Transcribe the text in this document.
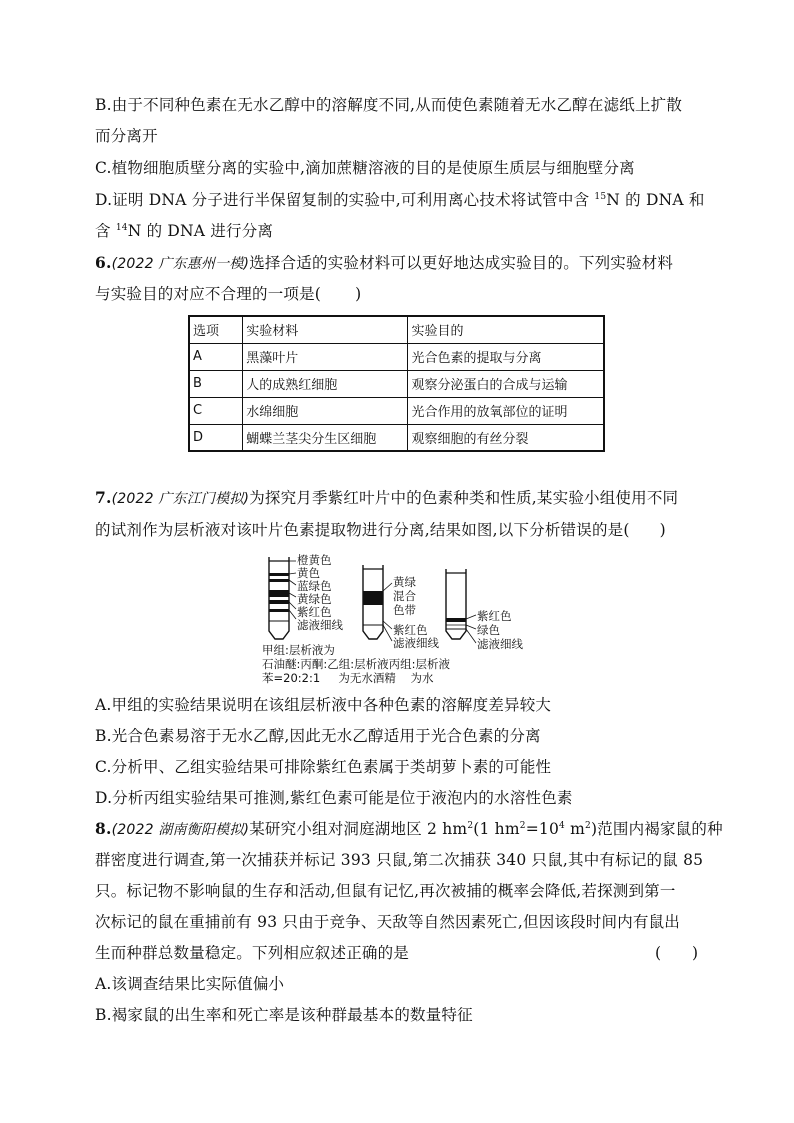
B.由于不同种色素在无水乙醇中的溶解度不同,从而使色素随着无水乙醇在滤纸上扩散
而分离开
C.植物细胞质壁分离的实验中,滴加蔗糖溶液的目的是使原生质层与细胞壁分离
D.证明 DNA 分子进行半保留复制的实验中,可利用离心技术将试管中含 $^{15}$N 的 DNA 和
含 $^{14}$N 的 DNA 进行分离
6.(2022 广东惠州一模)选择合适的实验材料可以更好地达成实验目的。下列实验材料
与实验目的对应不合理的一项是( )
选项	实验材料	实验目的
A	黑藻叶片	光合色素的提取与分离
B	人的成熟红细胞	观察分泌蛋白的合成与运输
C	水绵细胞	光合作用的放氧部位的证明
D	蝴蝶兰茎尖分生区细胞	观察细胞的有丝分裂
7.(2022 广东江门模拟)为探究月季紫红叶片中的色素种类和性质,某实验小组使用不同
的试剂作为层析液对该叶片色素提取物进行分离,结果如图,以下分析错误的是( )
橙黄色
黄色
蓝绿色
黄绿色
紫红色
滤液细线
黄绿
混合
色带
紫红色
滤液细线
紫红色
绿色
滤液细线
甲组:层析液为
石油醚:丙酮:乙组:层析液丙组:层析液
苯=20:2:1     为无水酒精    为水
A.甲组的实验结果说明在该组层析液中各种色素的溶解度差异较大
B.光合色素易溶于无水乙醇,因此无水乙醇适用于光合色素的分离
C.分析甲、乙组实验结果可排除紫红色素属于类胡萝卜素的可能性
D.分析丙组实验结果可推测,紫红色素可能是位于液泡内的水溶性色素
8.(2022 湖南衡阳模拟)某研究小组对洞庭湖地区 2 $hm^2(1$ $hm^2=10^4$ $m^2$)范围内褐家鼠的种
群密度进行调查,第一次捕获并标记 393 只鼠,第二次捕获 340 只鼠,其中有标记的鼠 85
只。标记物不影响鼠的生存和活动,但鼠有记忆,再次被捕的概率会降低,若探测到第一
次标记的鼠在重捕前有 93 只由于竞争、天敌等自然因素死亡,但因该段时间内有鼠出
生而种群总数量稳定。下列相应叙述正确的是	(      )
A.该调查结果比实际值偏小
B.褐家鼠的出生率和死亡率是该种群最基本的数量特征
